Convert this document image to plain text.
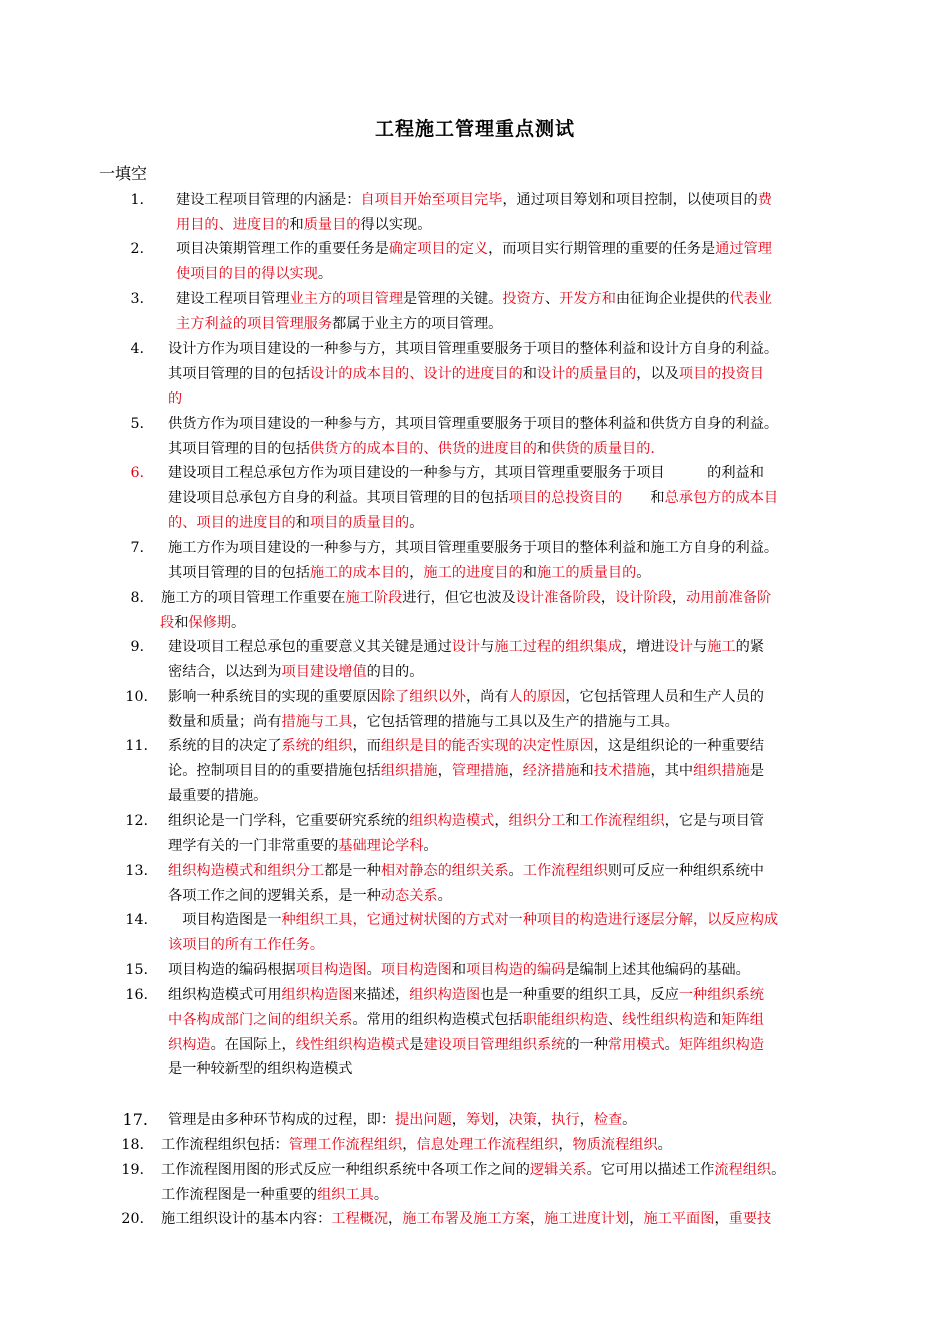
工程施工管理重点测试
一填空
1. 建设工程项目管理的内涵是：自项目开始至项目完毕，通过项目筹划和项目控制，以使项目的费
用目的、进度目的和质量目的得以实现。
2. 项目决策期管理工作的重要任务是确定项目的定义，而项目实行期管理的重要的任务是通过管理
使项目的目的得以实现。
3. 建设工程项目管理业主方的项目管理是管理的关键。投资方、开发方和由征询企业提供的代表业
主方利益的项目管理服务都属于业主方的项目管理。
4. 设计方作为项目建设的一种参与方，其项目管理重要服务于项目的整体利益和设计方自身的利益。
其项目管理的目的包括设计的成本目的、设计的进度目的和设计的质量目的，以及项目的投资目
的
5. 供货方作为项目建设的一种参与方，其项目管理重要服务于项目的整体利益和供货方自身的利益。
其项目管理的目的包括供货方的成本目的、供货的进度目的和供货的质量目的.
6. 建设项目工程总承包方作为项目建设的一种参与方，其项目管理重要服务于项目　　　	的利益和
建设项目总承包方自身的利益。其项目管理的目的包括项目的总投资目的　　和总承包方的成本目
的、项目的进度目的和项目的质量目的。
7. 施工方作为项目建设的一种参与方，其项目管理重要服务于项目的整体利益和施工方自身的利益。
其项目管理的目的包括施工的成本目的，施工的进度目的和施工的质量目的。
8. 施工方的项目管理工作重要在施工阶段进行，但它也波及设计准备阶段，设计阶段，动用前准备阶
段和保修期。
9. 建设项目工程总承包的重要意义其关键是通过设计与施工过程的组织集成，增进设计与施工的紧
密结合，以达到为项目建设增值的目的。
10. 影响一种系统目的实现的重要原因除了组织以外，尚有人的原因，它包括管理人员和生产人员的
数量和质量；尚有措施与工具，它包括管理的措施与工具以及生产的措施与工具。
11. 系统的目的决定了系统的组织，而组织是目的能否实现的决定性原因，这是组织论的一种重要结
论。控制项目目的的重要措施包括组织措施，管理措施，经济措施和技术措施，其中组织措施是
最重要的措施。
12. 组织论是一门学科，它重要研究系统的组织构造模式，组织分工和工作流程组织，它是与项目管
理学有关的一门非常重要的基础理论学科。
13. 组织构造模式和组织分工都是一种相对静态的组织关系。工作流程组织则可反应一种组织系统中
各项工作之间的逻辑关系，是一种动态关系。
14. 　项目构造图是一种组织工具，它通过树状图的方式对一种项目的构造进行逐层分解，以反应构成
该项目的所有工作任务。
15. 项目构造的编码根据项目构造图。项目构造图和项目构造的编码是编制上述其他编码的基础。
16. 组织构造模式可用组织构造图来描述，组织构造图也是一种重要的组织工具，反应一种组织系统
中各构成部门之间的组织关系。常用的组织构造模式包括职能组织构造、线性组织构造和矩阵组
织构造。在国际上，线性组织构造模式是建设项目管理组织系统的一种常用模式。矩阵组织构造
是一种较新型的组织构造模式
17. 管理是由多种环节构成的过程，即：提出问题，筹划，决策，执行，检查。
18. 工作流程组织包括：管理工作流程组织，信息处理工作流程组织，物质流程组织。
19. 工作流程图用图的形式反应一种组织系统中各项工作之间的逻辑关系。它可用以描述工作流程组织。
工作流程图是一种重要的组织工具。
20. 施工组织设计的基本内容：工程概况，施工布署及施工方案，施工进度计划，施工平面图，重要技
